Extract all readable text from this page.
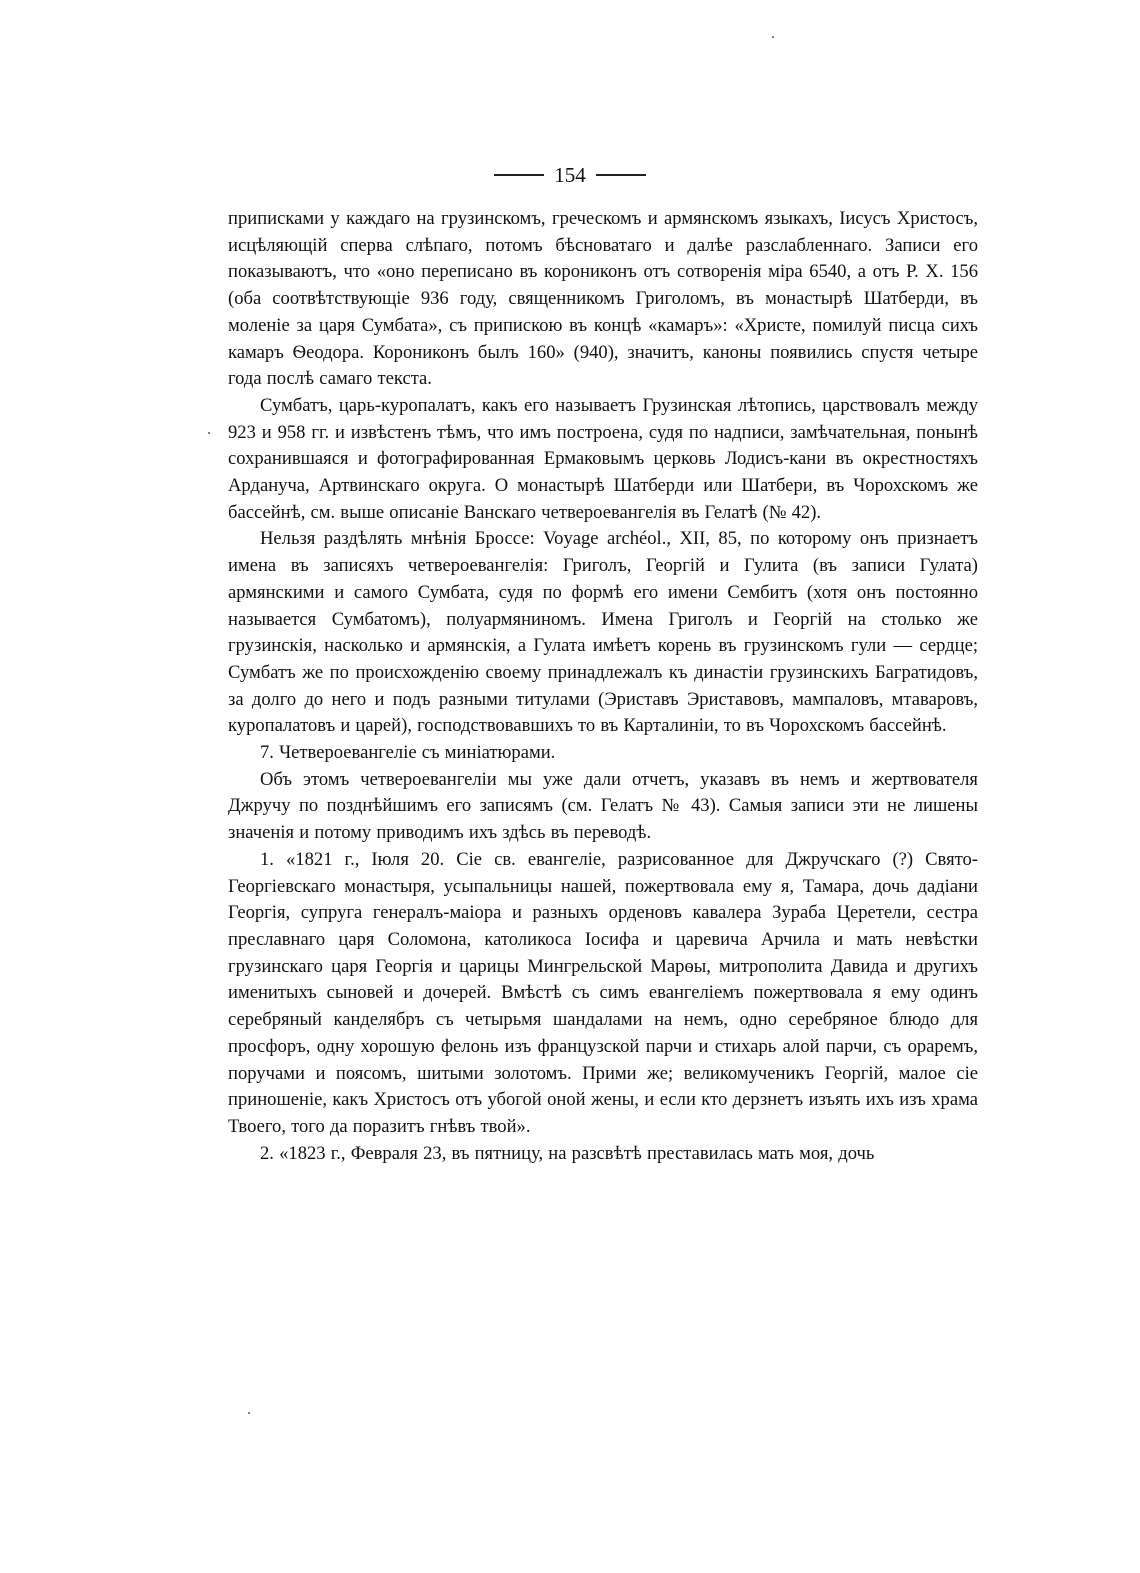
154

приписками у каждаго на грузинскомъ, греческомъ и армянскомъ языкахъ, Іисусъ Христосъ, исцѣляющій сперва слѣпаго, потомъ бѣсноватаго и далѣе разслабленнаго. Записи его показываютъ, что «оно переписано въ корониконъ отъ сотворенія міра 6540, а отъ Р. Х. 156 (оба соотвѣтствующіе 936 году, священникомъ Григоломъ, въ монастырѣ Шатберди, въ моленіе за царя Сумбата», съ припискою въ концѣ «камаръ»: «Христе, помилуй писца сихъ камаръ Ѳеодора. Корониконъ былъ 160» (940), значитъ, каноны появились спустя четыре года послѣ самаго текста.

Сумбатъ, царь-куропалатъ, какъ его называетъ Грузинская лѣтопись, царствовалъ между 923 и 958 гг. и извѣстенъ тѣмъ, что имъ построена, судя по надписи, замѣчательная, понынѣ сохранившаяся и фотографированная Ермаковымъ церковь Лодисъ-кани въ окрестностяхъ Ардануча, Артвинскаго округа. О монастырѣ Шатберди или Шатбери, въ Чорохскомъ же бассейнѣ, см. выше описаніе Ванскаго четвероевангелія въ Гелатѣ (№ 42).

Нельзя раздѣлять мнѣнія Броссе: Voyage archéol., XII, 85, по которому онъ признаетъ имена въ записяхъ четвероевангелія: Григолъ, Георгій и Гулита (въ записи Гулата) армянскими и самого Сумбата, судя по формѣ его имени Сембитъ (хотя онъ постоянно называется Сумбатомъ), полуармяниномъ. Имена Григолъ и Георгій на столько же грузинскія, насколько и армянскія, а Гулата имѣетъ корень въ грузинскомъ гули — сердце; Сумбатъ же по происхожденію своему принадлежалъ къ династіи грузинскихъ Багратидовъ, за долго до него и подъ разными титулами (Эриставъ Эриставовъ, мампаловъ, мтаваровъ, куропалатовъ и царей), господствовавшихъ то въ Карталиніи, то въ Чорохскомъ бассейнѣ.

7. Четвероевангеліе съ миніатюрами.

Объ этомъ четвероевангеліи мы уже дали отчетъ, указавъ въ немъ и жертвователя Джручу по позднѣйшимъ его записямъ (см. Гелатъ № 43). Самыя записи эти не лишены значенія и потому приводимъ ихъ здѣсь въ переводѣ.

1. «1821 г., Іюля 20. Сіе св. евангеліе, разрисованное для Джручскаго (?) Свято-Георгіевскаго монастыря, усыпальницы нашей, пожертвовала ему я, Тамара, дочь дадіани Георгія, супруга генералъ-маіора и разныхъ орденовъ кавалера Зураба Церетели, сестра преславнаго царя Соломона, католикоса Іосифа и царевича Арчила и мать невѣстки грузинскаго царя Георгія и царицы Мингрельской Марѳы, митрополита Давида и другихъ именитыхъ сыновей и дочерей. Вмѣстѣ съ симъ евангеліемъ пожертвовала я ему одинъ серебряный канделябръ съ четырьмя шандалами на немъ, одно серебряное блюдо для просфоръ, одну хорошую фелонь изъ французской парчи и стихарь алой парчи, съ ораремъ, поручами и поясомъ, шитыми золотомъ. Прими же; великомученикъ Георгій, малое сіе приношеніе, какъ Христосъ отъ убогой оной жены, и если кто дерзнетъ изъять ихъ изъ храма Твоего, того да поразитъ гнѣвъ твой».

2. «1823 г., Февраля 23, въ пятницу, на разсвѣтѣ преставилась мать моя, дочь
